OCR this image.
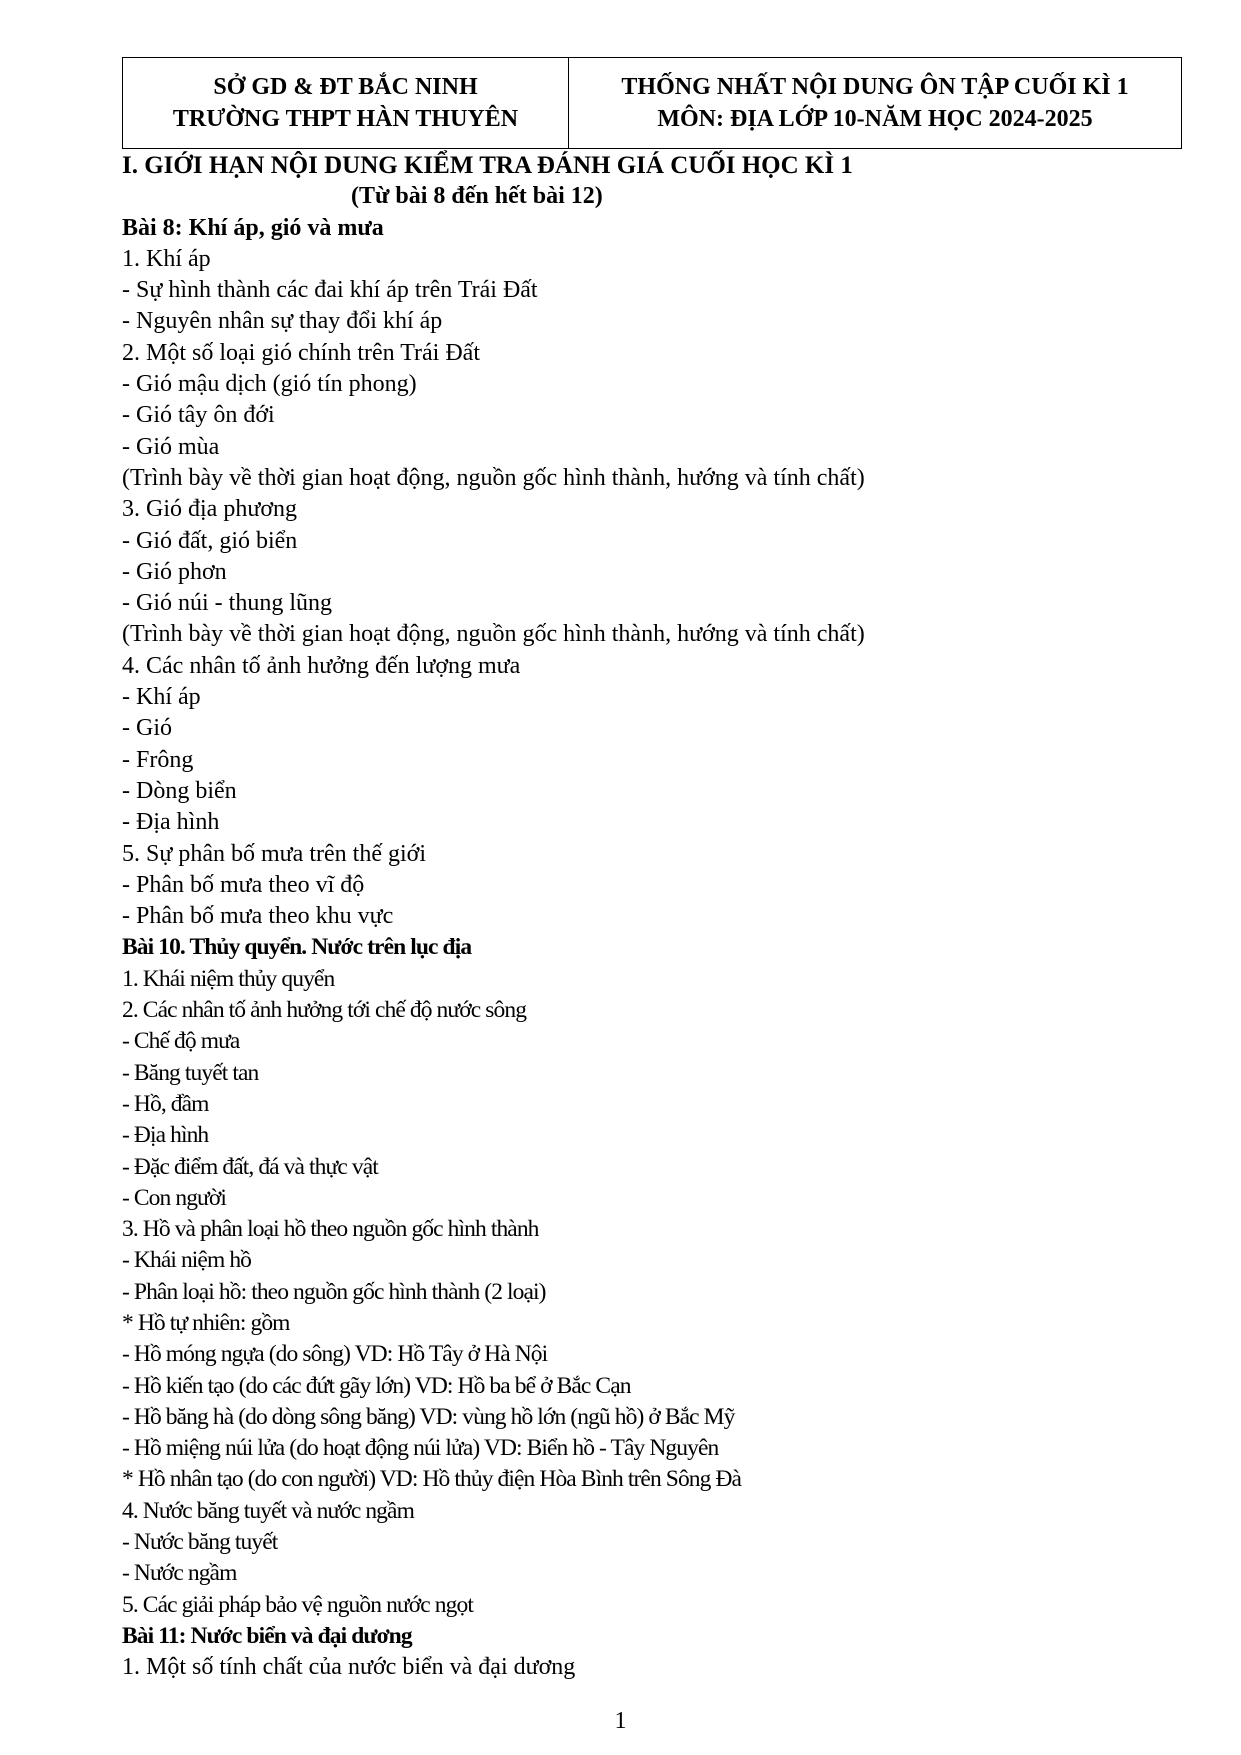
SỞ GD & ĐT BẮC NINH
TRƯỜNG THPT HÀN THUYÊN
THỐNG NHẤT NỘI DUNG ÔN TẬP CUỐI KÌ 1
MÔN: ĐỊA LỚP 10-NĂM HỌC 2024-2025
I. GIỚI HẠN NỘI DUNG KIỂM TRA ĐÁNH GIÁ CUỐI HỌC KÌ 1
(Từ bài 8 đến hết bài 12)
Bài 8: Khí áp, gió và mưa
1. Khí áp
- Sự hình thành các đai khí áp trên Trái Đất
- Nguyên nhân sự thay đổi khí áp
2. Một số loại gió chính trên Trái Đất
- Gió mậu dịch (gió tín phong)
- Gió tây ôn đới
- Gió mùa
(Trình bày về thời gian hoạt động, nguồn gốc hình thành, hướng và tính chất)
3. Gió địa phương
- Gió đất, gió biển
- Gió phơn
- Gió núi - thung lũng
(Trình bày về thời gian hoạt động, nguồn gốc hình thành, hướng và tính chất)
4. Các nhân tố ảnh hưởng đến lượng mưa
- Khí áp
- Gió
- Frông
- Dòng biển
- Địa hình
5. Sự phân bố mưa trên thế giới
- Phân bố mưa theo vĩ độ
- Phân bố mưa theo khu vực
Bài 10. Thủy quyển. Nước trên lục địa
1. Khái niệm thủy quyển
2. Các nhân tố ảnh hưởng tới chế độ nước sông
- Chế độ mưa
- Băng tuyết tan
- Hồ, đầm
- Địa hình
- Đặc điểm đất, đá và thực vật
- Con người
3. Hồ và phân loại hồ theo nguồn gốc hình thành
- Khái niệm hồ
- Phân loại hồ: theo nguồn gốc hình thành (2 loại)
* Hồ tự nhiên: gồm
- Hồ móng ngựa (do sông) VD: Hồ Tây ở Hà Nội
- Hồ kiến tạo (do các đứt gãy lớn) VD: Hồ ba bể ở Bắc Cạn
- Hồ băng hà (do dòng sông băng) VD: vùng hồ lớn (ngũ hồ) ở Bắc Mỹ
- Hồ miệng núi lửa (do hoạt động núi lửa) VD: Biển hồ - Tây Nguyên
* Hồ nhân tạo (do con người) VD: Hồ thủy điện Hòa Bình trên Sông Đà
4. Nước băng tuyết và nước ngầm
- Nước băng tuyết
- Nước ngầm
5. Các giải pháp bảo vệ nguồn nước ngọt
Bài 11: Nước biển và đại dương
1. Một số tính chất của nước biển và đại dương
1
